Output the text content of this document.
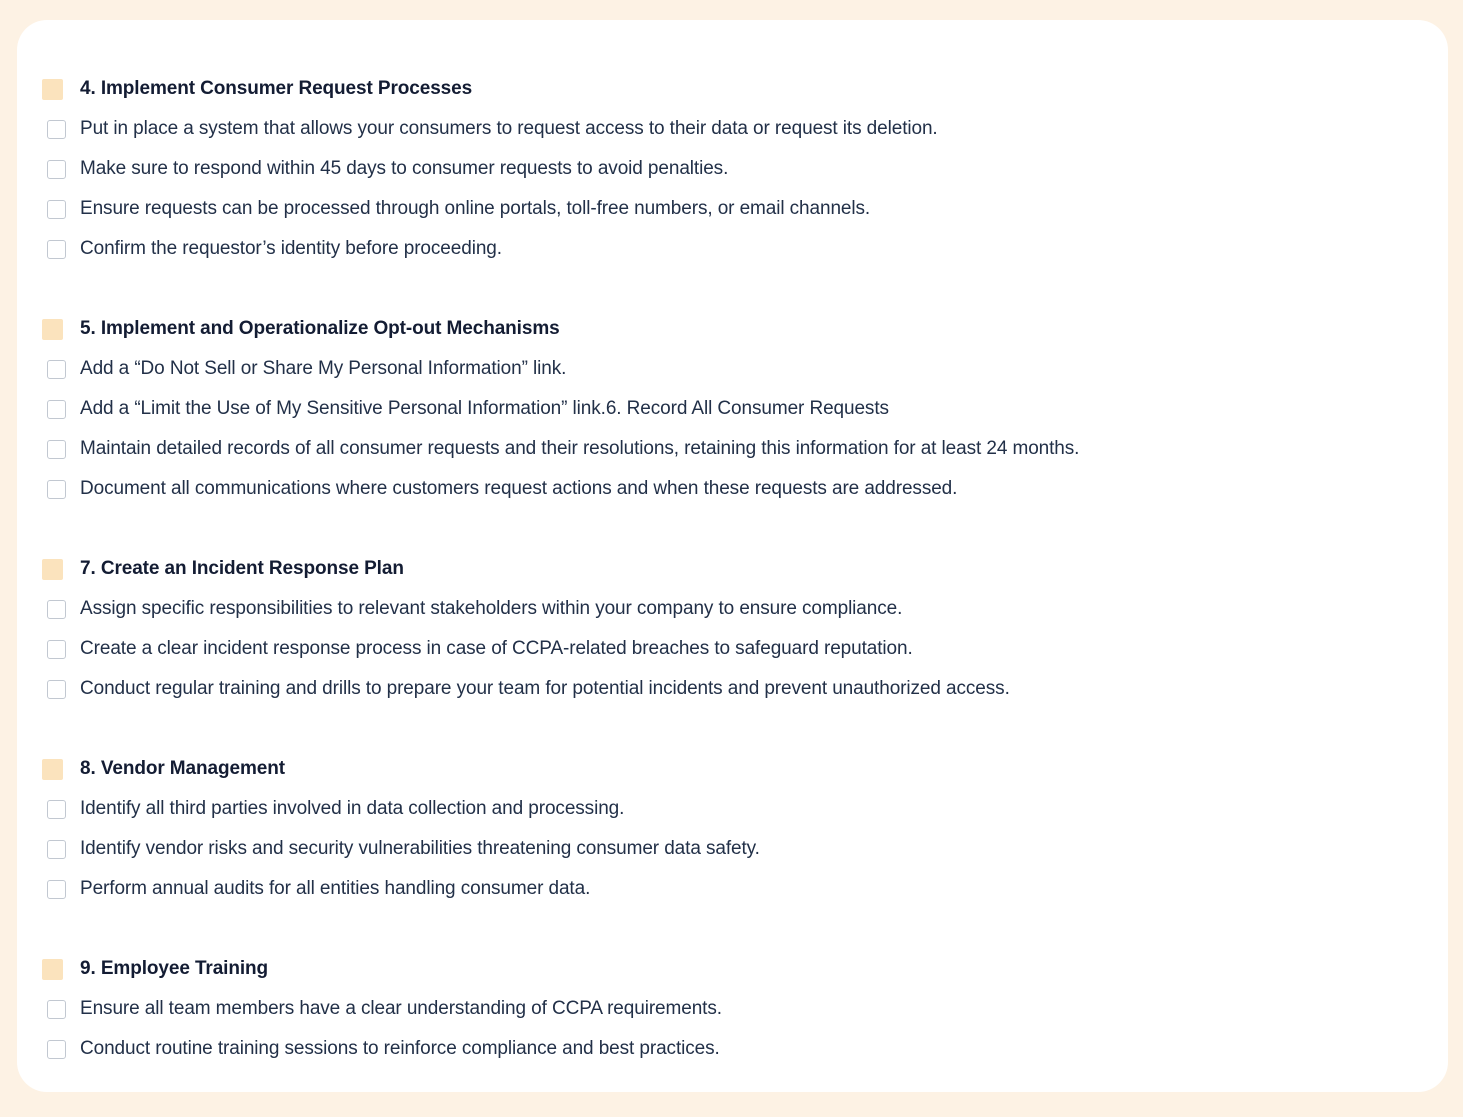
4. Implement Consumer Request Processes
Put in place a system that allows your consumers to request access to their data or request its deletion.
Make sure to respond within 45 days to consumer requests to avoid penalties.
Ensure requests can be processed through online portals, toll-free numbers, or email channels.
Confirm the requestor’s identity before proceeding.
5. Implement and Operationalize Opt-out Mechanisms
Add a “Do Not Sell or Share My Personal Information” link.
Add a “Limit the Use of My Sensitive Personal Information” link.6. Record All Consumer Requests
Maintain detailed records of all consumer requests and their resolutions, retaining this information for at least 24 months.
Document all communications where customers request actions and when these requests are addressed.
7. Create an Incident Response Plan
Assign specific responsibilities to relevant stakeholders within your company to ensure compliance.
Create a clear incident response process in case of CCPA-related breaches to safeguard reputation.
Conduct regular training and drills to prepare your team for potential incidents and prevent unauthorized access.
8. Vendor Management
Identify all third parties involved in data collection and processing.
Identify vendor risks and security vulnerabilities threatening consumer data safety.
Perform annual audits for all entities handling consumer data.
9. Employee Training
Ensure all team members have a clear understanding of CCPA requirements.
Conduct routine training sessions to reinforce compliance and best practices.
